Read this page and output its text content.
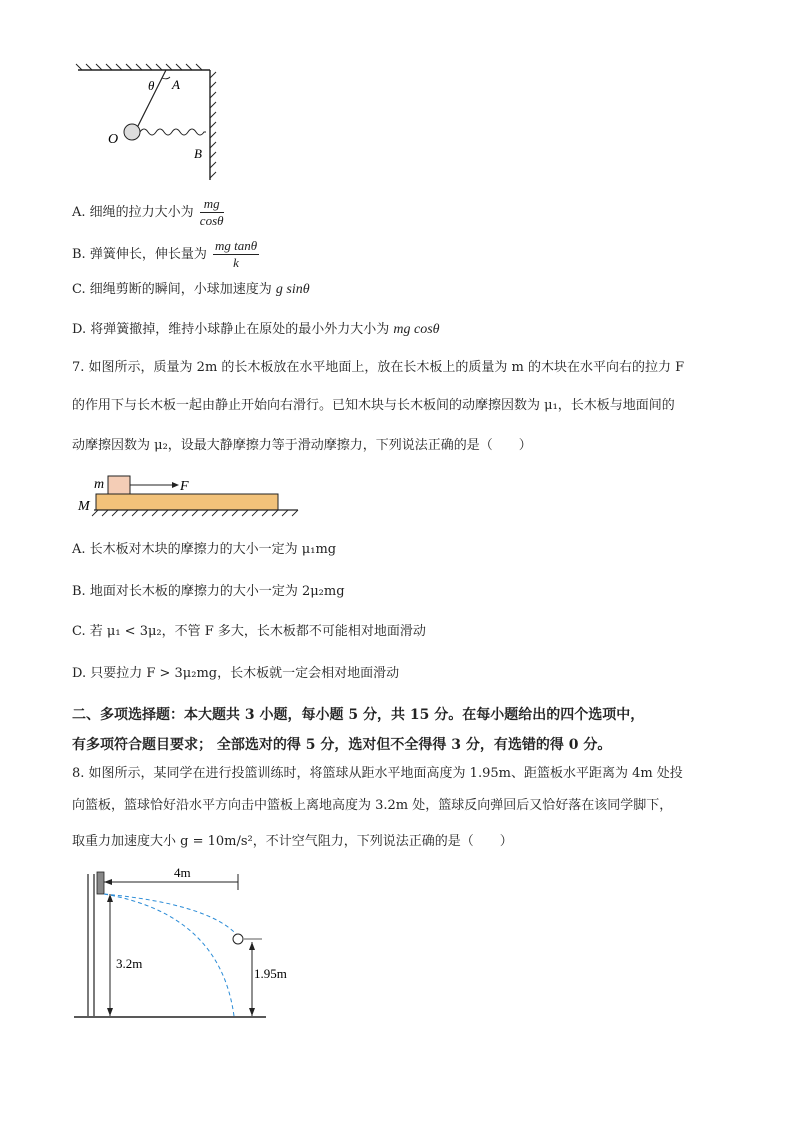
θ A
O
B
A. 细绳的拉力大小为 $\frac{mg}{\cos\theta}$
B. 弹簧伸长，伸长量为 $\frac{\text{mg tanθ}}{k}$
C. 细绳剪断的瞬间，小球加速度为 g sinθ
D. 将弹簧撤掉，维持小球静止在原处的最小外力大小为 mg cosθ
7. 如图所示，质量为 2m 的长木板放在水平地面上，放在长木板上的质量为 m 的木块在水平向右的拉力 F
的作用下与长木板一起由静止开始向右滑行。已知木块与长木板间的动摩擦因数为 μ₁，长木板与地面间的
动摩擦因数为 μ₂，设最大静摩擦力等于滑动摩擦力，下列说法正确的是（　　）
m	F
M
A. 长木板对木块的摩擦力的大小一定为 μ₁mg
B. 地面对长木板的摩擦力的大小一定为 2μ₂mg
C. 若 μ₁ < 3μ₂，不管 F 多大，长木板都不可能相对地面滑动
D. 只要拉力 F > 3μ₂mg，长木板就一定会相对地面滑动
二、多项选择题：本大题共 3 小题，每小题 5 分，共 15 分。在每小题给出的四个选项中，
有多项符合题目要求； 全部选对的得 5 分，选对但不全得得 3 分，有选错的得 0 分。
8. 如图所示，某同学在进行投篮训练时，将篮球从距水平地面高度为 1.95m、距篮板水平距离为 4m 处投
向篮板，篮球恰好沿水平方向击中篮板上离地高度为 3.2m 处，篮球反向弹回后又恰好落在该同学脚下，
取重力加速度大小 g = 10m/s²，不计空气阻力，下列说法正确的是（　　）
4m
3.2m
1.95m
